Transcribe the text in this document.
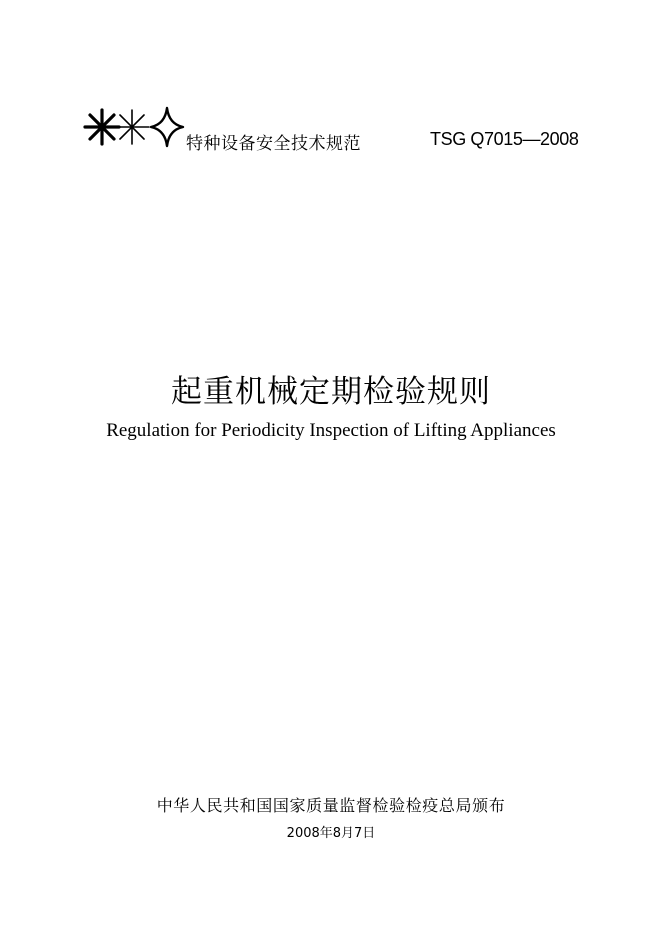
特种设备安全技术规范	TSG Q7015—2008
起重机械定期检验规则
Regulation for Periodicity Inspection of Lifting Appliances
中华人民共和国国家质量监督检验检疫总局颁布
2008年8月7日
